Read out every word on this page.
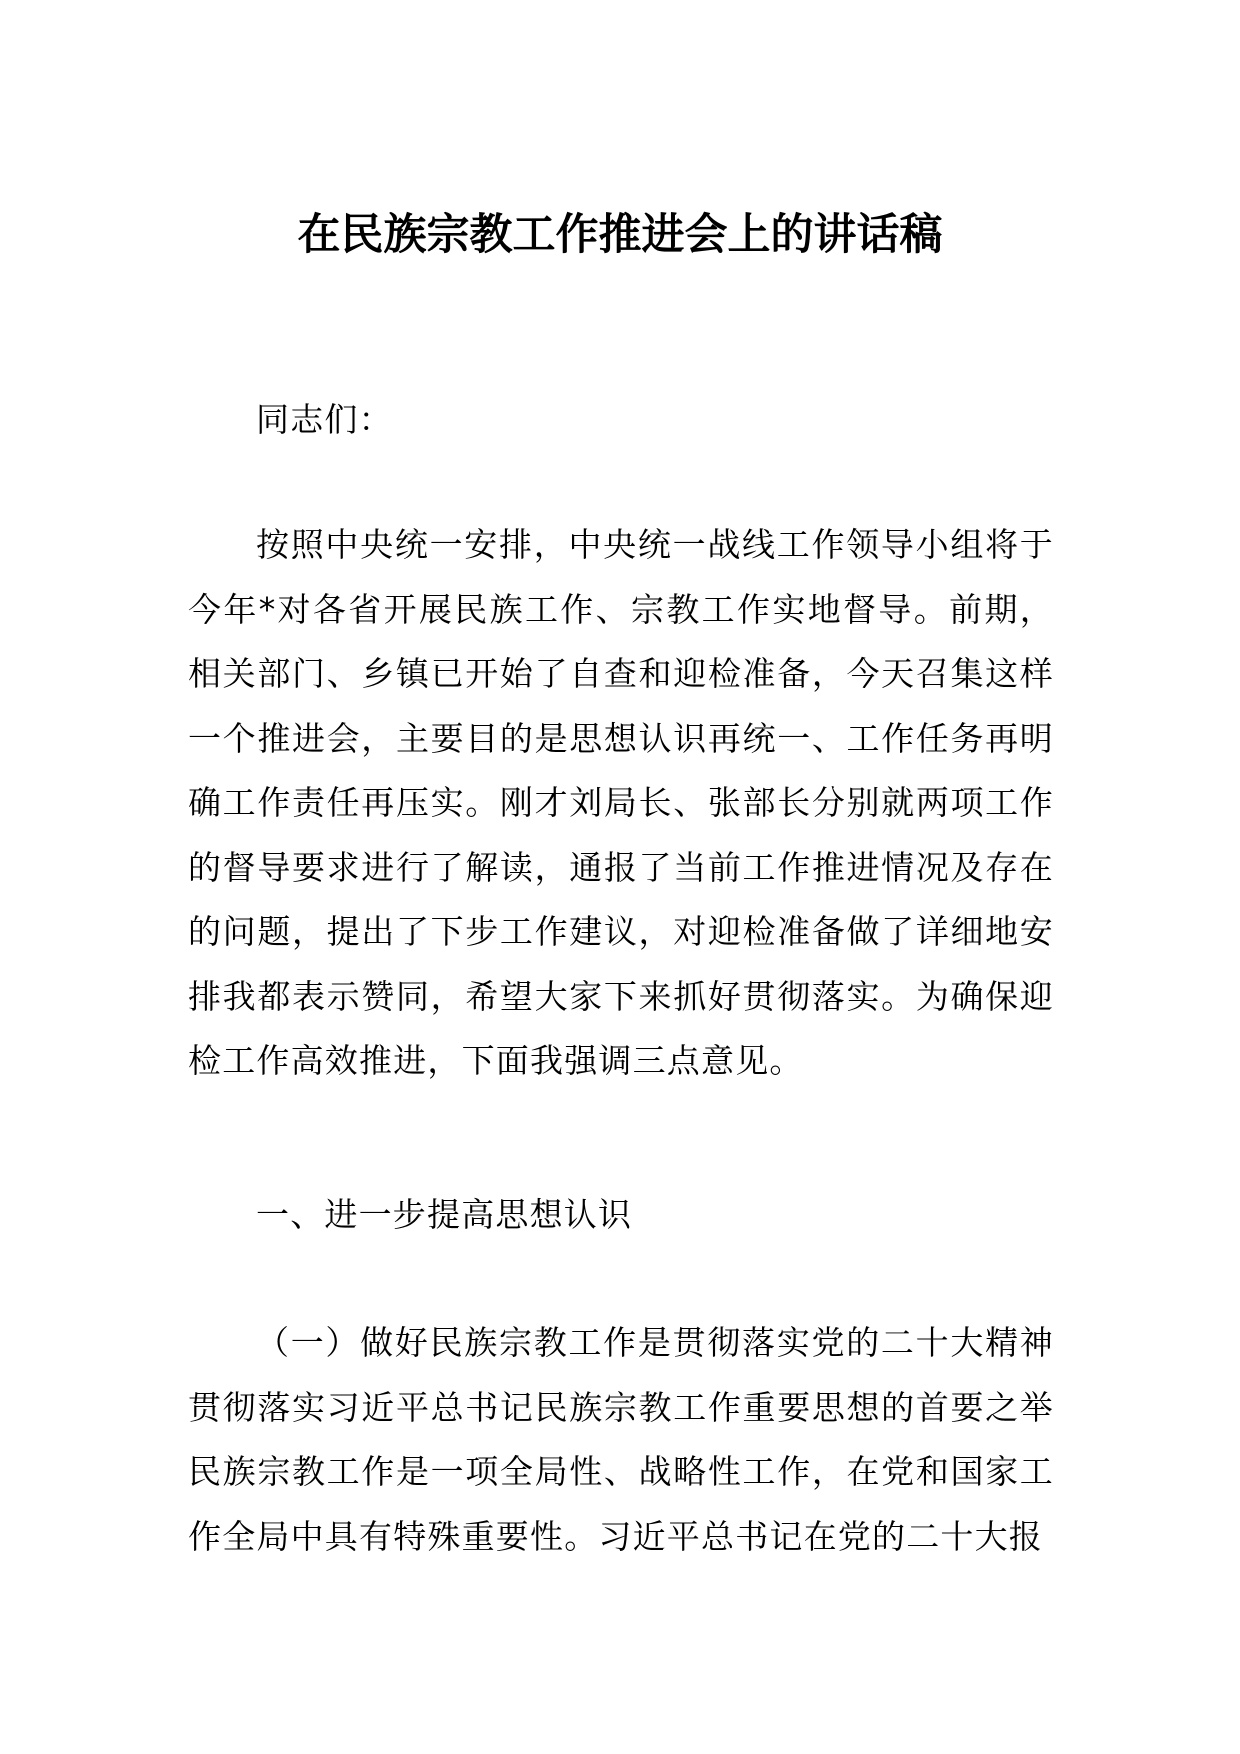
在民族宗教工作推进会上的讲话稿

同志们：

按照中央统一安排，中央统一战线工作领导小组将于今年*对各省开展民族工作、宗教工作实地督导。前期，相关部门、乡镇已开始了自查和迎检准备，今天召集这样一个推进会，主要目的是思想认识再统一、工作任务再明确工作责任再压实。刚才刘局长、张部长分别就两项工作的督导要求进行了解读，通报了当前工作推进情况及存在的问题，提出了下步工作建议，对迎检准备做了详细地安排我都表示赞同，希望大家下来抓好贯彻落实。为确保迎检工作高效推进，下面我强调三点意见。

一、进一步提高思想认识

（一）做好民族宗教工作是贯彻落实党的二十大精神贯彻落实习近平总书记民族宗教工作重要思想的首要之举民族宗教工作是一项全局性、战略性工作，在党和国家工作全局中具有特殊重要性。习近平总书记在党的二十大报
